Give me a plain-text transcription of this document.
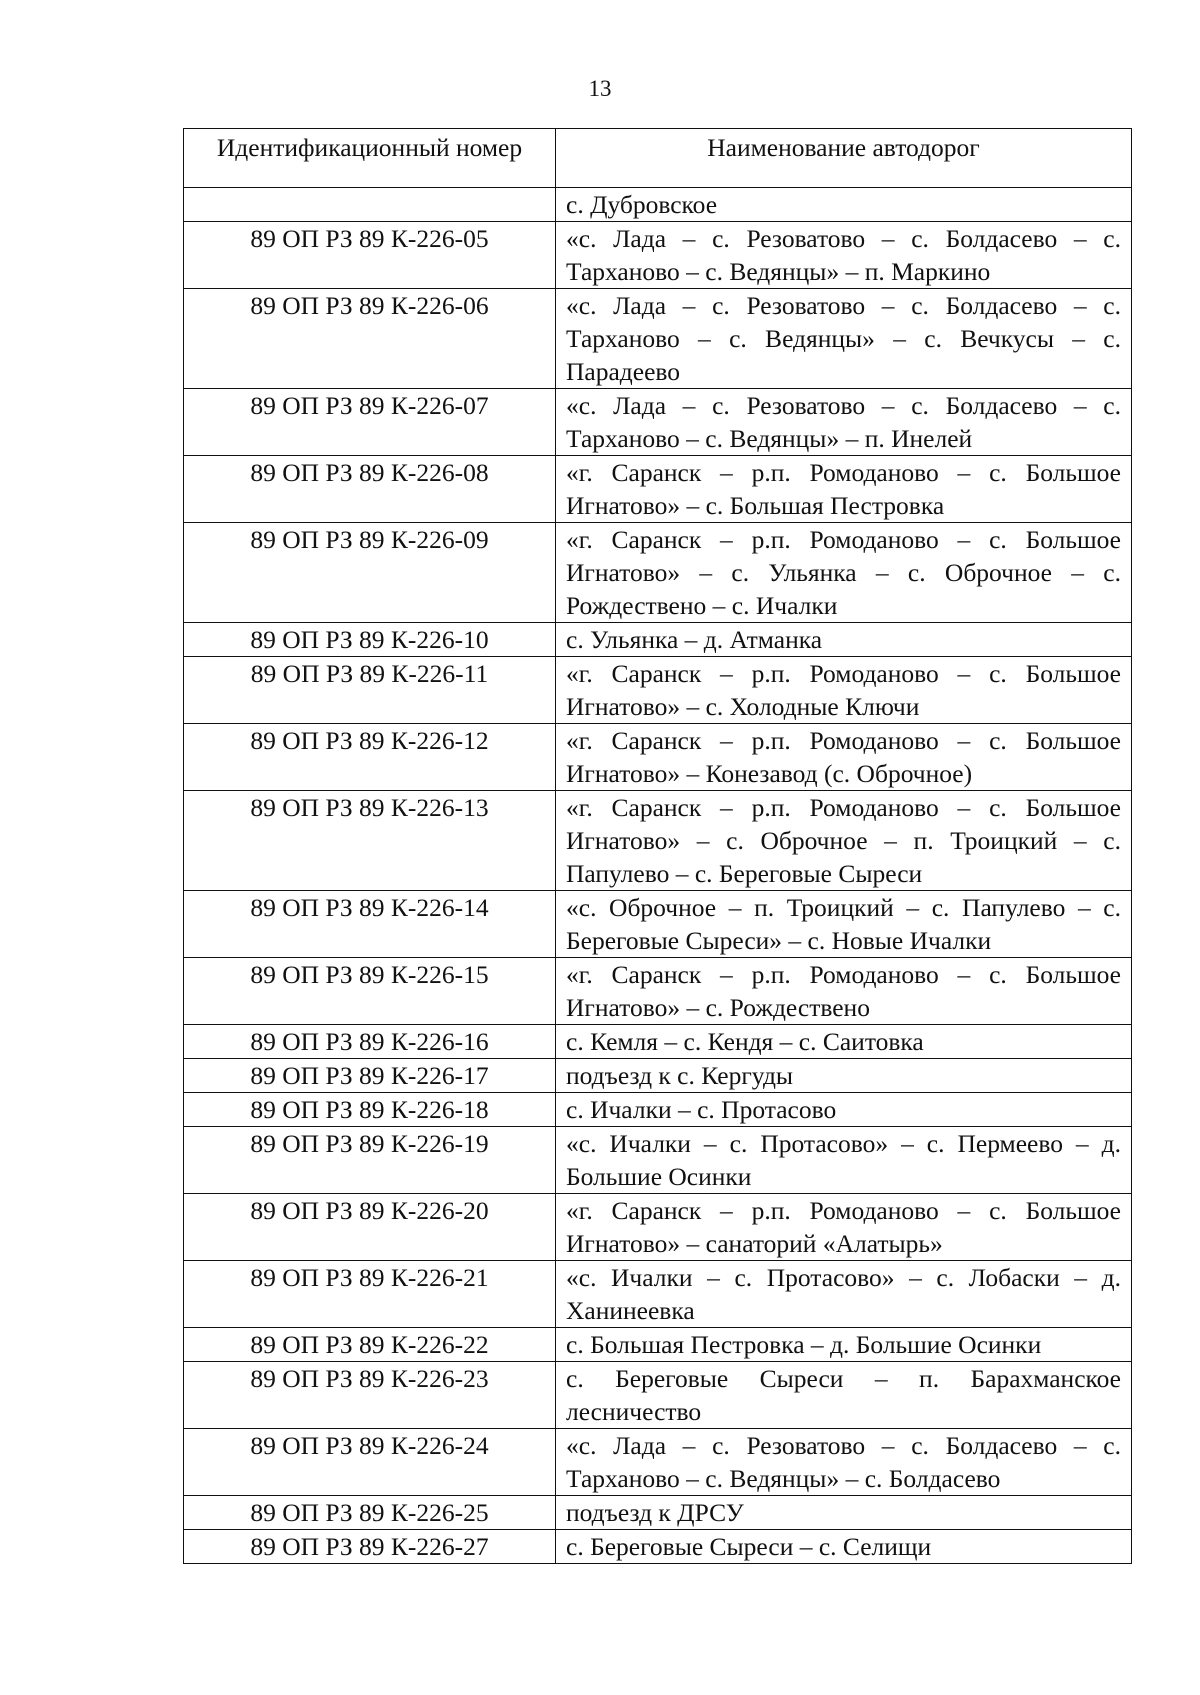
13
Идентификационный номер	Наименование автодорог
	с. Дубровское
89 ОП РЗ 89 К-226-05	«с. Лада – с. Резоватово – с. Болдасево – с. Тарханово – с. Ведянцы» – п. Маркино
89 ОП РЗ 89 К-226-06	«с. Лада – с. Резоватово – с. Болдасево – с. Тарханово – с. Ведянцы» – с. Вечкусы – с. Парадеево
89 ОП РЗ 89 К-226-07	«с. Лада – с. Резоватово – с. Болдасево – с. Тарханово – с. Ведянцы» – п. Инелей
89 ОП РЗ 89 К-226-08	«г. Саранск – р.п. Ромоданово – с. Большое Игнатово» – с. Большая Пестровка
89 ОП РЗ 89 К-226-09	«г. Саранск – р.п. Ромоданово – с. Большое Игнатово» – с. Ульянка – с. Оброчное – с. Рождествено – с. Ичалки
89 ОП РЗ 89 К-226-10	с. Ульянка – д. Атманка
89 ОП РЗ 89 К-226-11	«г. Саранск – р.п. Ромоданово – с. Большое Игнатово» – с. Холодные Ключи
89 ОП РЗ 89 К-226-12	«г. Саранск – р.п. Ромоданово – с. Большое Игнатово» – Конезавод (с. Оброчное)
89 ОП РЗ 89 К-226-13	«г. Саранск – р.п. Ромоданово – с. Большое Игнатово» – с. Оброчное – п. Троицкий – с. Папулево – с. Береговые Сыреси
89 ОП РЗ 89 К-226-14	«с. Оброчное – п. Троицкий – с. Папулево – с. Береговые Сыреси» – с. Новые Ичалки
89 ОП РЗ 89 К-226-15	«г. Саранск – р.п. Ромоданово – с. Большое Игнатово» – с. Рождествено
89 ОП РЗ 89 К-226-16	с. Кемля – с. Кендя – с. Саитовка
89 ОП РЗ 89 К-226-17	подъезд к с. Кергуды
89 ОП РЗ 89 К-226-18	с. Ичалки – с. Протасово
89 ОП РЗ 89 К-226-19	«с. Ичалки – с. Протасово» – с. Пермеево – д. Большие Осинки
89 ОП РЗ 89 К-226-20	«г. Саранск – р.п. Ромоданово – с. Большое Игнатово» – санаторий «Алатырь»
89 ОП РЗ 89 К-226-21	«с. Ичалки – с. Протасово» – с. Лобаски – д. Ханинеевка
89 ОП РЗ 89 К-226-22	с. Большая Пестровка – д. Большие Осинки
89 ОП РЗ 89 К-226-23	с. Береговые Сыреси – п. Барахманское лесничество
89 ОП РЗ 89 К-226-24	«с. Лада – с. Резоватово – с. Болдасево – с. Тарханово – с. Ведянцы» – с. Болдасево
89 ОП РЗ 89 К-226-25	подъезд к ДРСУ
89 ОП РЗ 89 К-226-27	с. Береговые Сыреси – с. Селищи
